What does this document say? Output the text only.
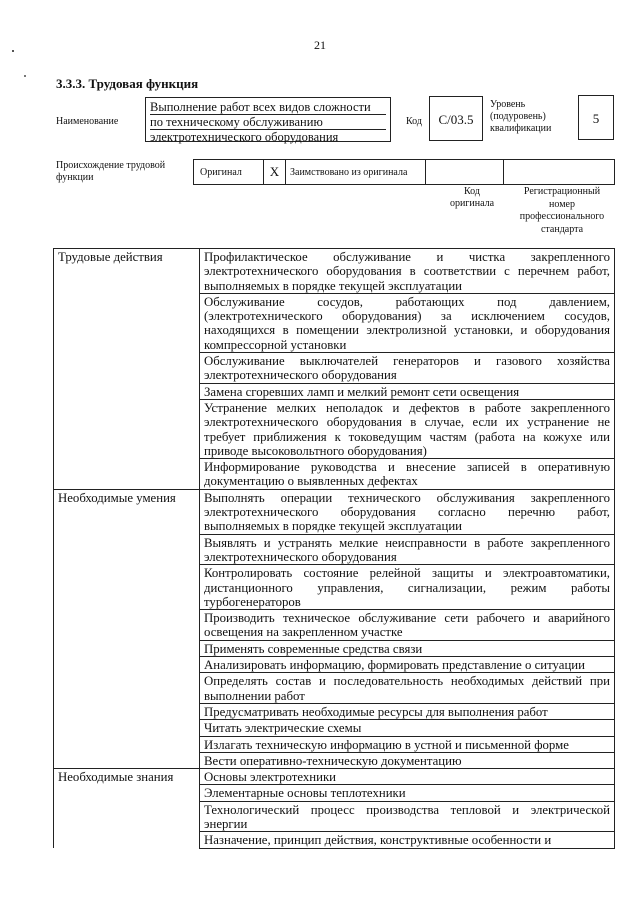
21
3.3.3. Трудовая функция
Наименование
Выполнение работ всех видов сложности
по техническому обслуживанию
электротехнического оборудования
Код	С/03.5
Уровень
(подуровень)
квалификации
5
Происхождение трудовой
функции	Оригинал	X	Заимствовано из оригинала
Код
оригинала
Регистрационный
номер
профессионального
стандарта
Трудовые действия	Профилактическое обслуживание и чистка закрепленного электротехнического оборудования в соответствии с перечнем работ, выполняемых в порядке текущей эксплуатации
	Обслуживание сосудов, работающих под давлением, (электротехнического оборудования) за исключением сосудов, находящихся в помещении электролизной установки, и оборудования компрессорной установки
	Обслуживание выключателей генераторов и газового хозяйства электротехнического оборудования
	Замена сгоревших ламп и мелкий ремонт сети освещения
	Устранение мелких неполадок и дефектов в работе закрепленного электротехнического оборудования в случае, если их устранение не требует приближения к токоведущим частям (работа на кожухе или приводе высоковольтного оборудования)
	Информирование руководства и внесение записей в оперативную документацию о выявленных дефектах
Необходимые умения	Выполнять операции технического обслуживания закрепленного электротехнического оборудования согласно перечню работ, выполняемых в порядке текущей эксплуатации
	Выявлять и устранять мелкие неисправности в работе закрепленного электротехнического оборудования
	Контролировать состояние релейной защиты и электроавтоматики, дистанционного управления, сигнализации, режим работы турбогенераторов
	Производить техническое обслуживание сети рабочего и аварийного освещения на закрепленном участке
	Применять современные средства связи
	Анализировать информацию, формировать представление о ситуации
	Определять состав и последовательность необходимых действий при выполнении работ
	Предусматривать необходимые ресурсы для выполнения работ
	Читать электрические схемы
	Излагать техническую информацию в устной и письменной форме
	Вести оперативно-техническую документацию
Необходимые знания	Основы электротехники
	Элементарные основы теплотехники
	Технологический процесс производства тепловой и электрической энергии
	Назначение, принцип действия, конструктивные особенности и
